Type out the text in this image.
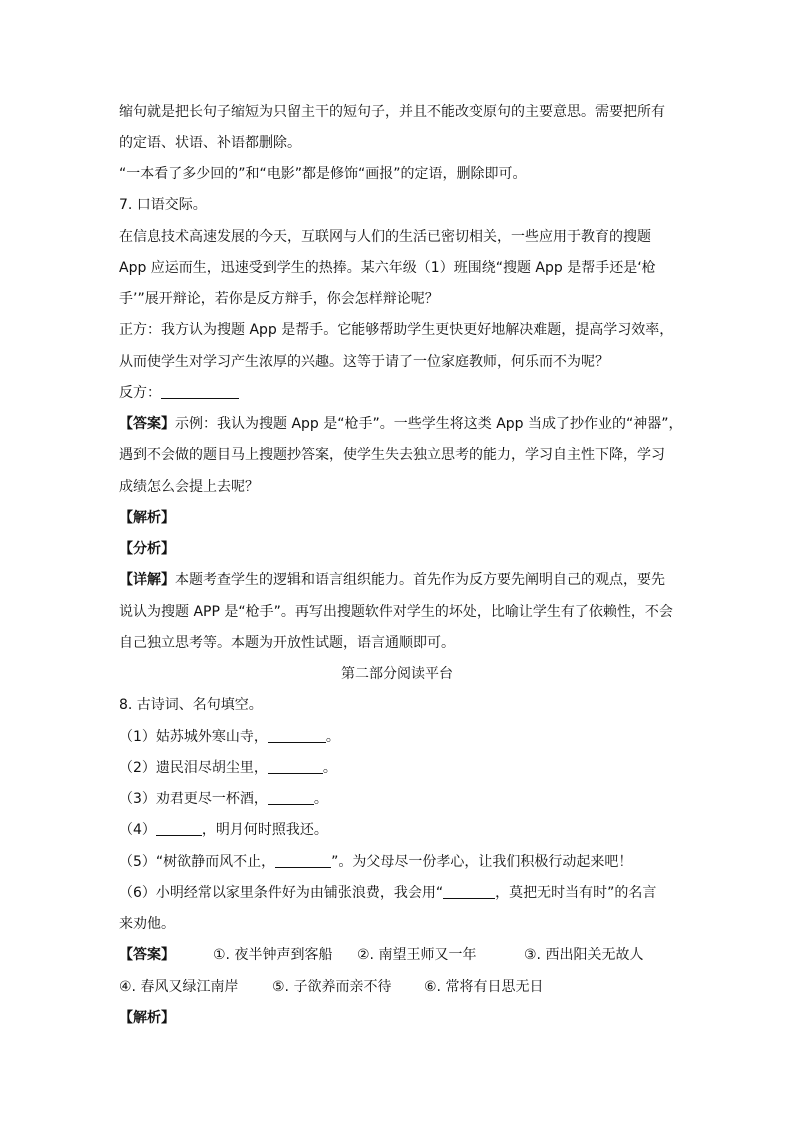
缩句就是把长句子缩短为只留主干的短句子，并且不能改变原句的主要意思。需要把所有
的定语、状语、补语都删除。
“一本看了多少回的”和“电影”都是修饰“画报”的定语，删除即可。
7. 口语交际。
在信息技术高速发展的今天，互联网与人们的生活已密切相关，一些应用于教育的搜题
App 应运而生，迅速受到学生的热捧。某六年级（1）班围绕“搜题 App 是帮手还是‘枪
手’”展开辩论，若你是反方辩手，你会怎样辩论呢？
正方：我方认为搜题 App 是帮手。它能够帮助学生更快更好地解决难题，提高学习效率，
从而使学生对学习产生浓厚的兴趣。这等于请了一位家庭教师，何乐而不为呢？
反方：
【答案】示例：我认为搜题 App 是“枪手”。一些学生将这类 App 当成了抄作业的“神器”，
遇到不会做的题目马上搜题抄答案，使学生失去独立思考的能力，学习自主性下降，学习
成绩怎么会提上去呢？
【解析】
【分析】
【详解】本题考查学生的逻辑和语言组织能力。首先作为反方要先阐明自己的观点，要先
说认为搜题 APP 是“枪手”。再写出搜题软件对学生的坏处，比喻让学生有了依赖性，不会
自己独立思考等。本题为开放性试题，语言通顺即可。
第二部分阅读平台
8. 古诗词、名句填空。
（1）姑苏城外寒山寺，	。
（2）遗民泪尽胡尘里，	。
（3）劝君更尽一杯酒，	。
（4）	，明月何时照我还。
（5）“树欲静而风不止，	”。为父母尽一份孝心，让我们积极行动起来吧！
（6）小明经常以家里条件好为由铺张浪费，我会用“	，莫把无时当有时”的名言
来劝他。
【答案】	①. 夜半钟声到客船 ②. 南望王师又一年	③. 西出阳关无故人
④. 春风又绿江南岸 ⑤. 子欲养而亲不待 ⑥. 常将有日思无日
【解析】
